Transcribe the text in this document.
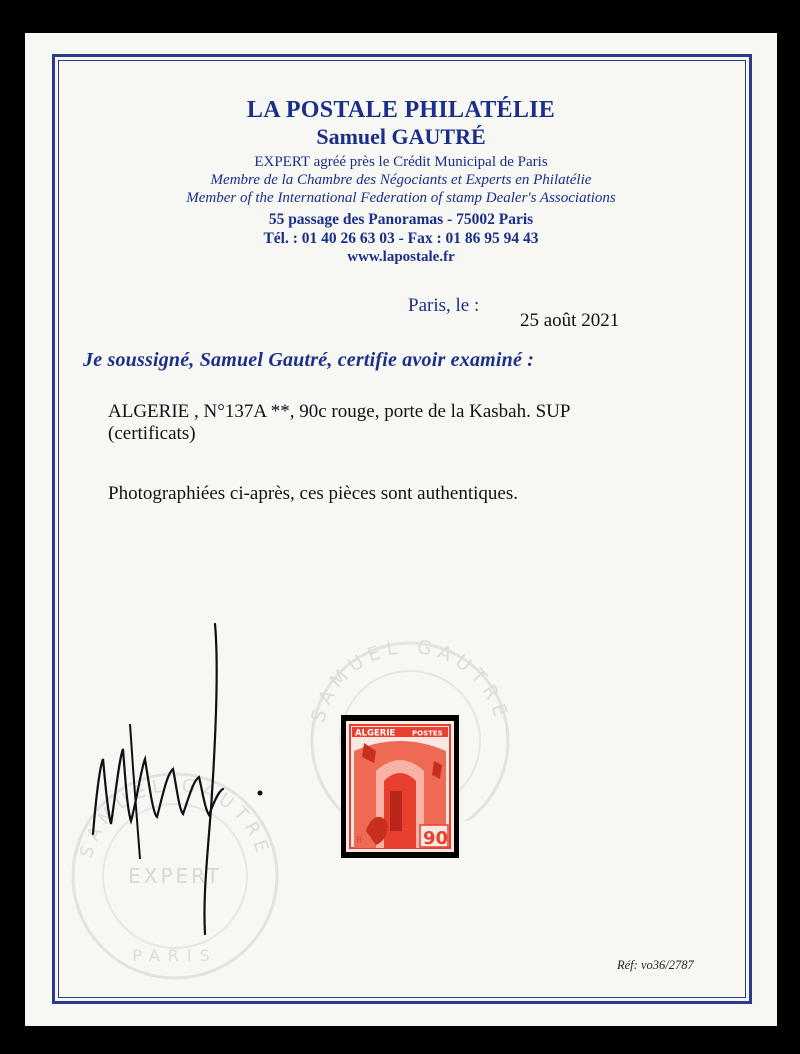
LA POSTALE PHILATÉLIE
Samuel GAUTRÉ
EXPERT agréé près le Crédit Municipal de Paris
Membre de la Chambre des Négociants et Experts en Philatélie
Member of the International Federation of stamp Dealer's Associations
55 passage des Panoramas - 75002 Paris
Tél. : 01 40 26 63 03 - Fax : 01 86 95 94 43
www.lapostale.fr
Paris, le :
25 août 2021
Je soussigné, Samuel Gautré, certifie avoir examiné :
ALGERIE , N°137A **, 90c rouge, porte de la Kasbah. SUP
(certificats)
Photographiées ci-après, ces pièces sont authentiques.
SAMUEL GAUTRE
SAMUEL GAUTRE
EXPERT
PARIS
ALGERIE POSTES
90
c
R
Réf: vo36/2787
